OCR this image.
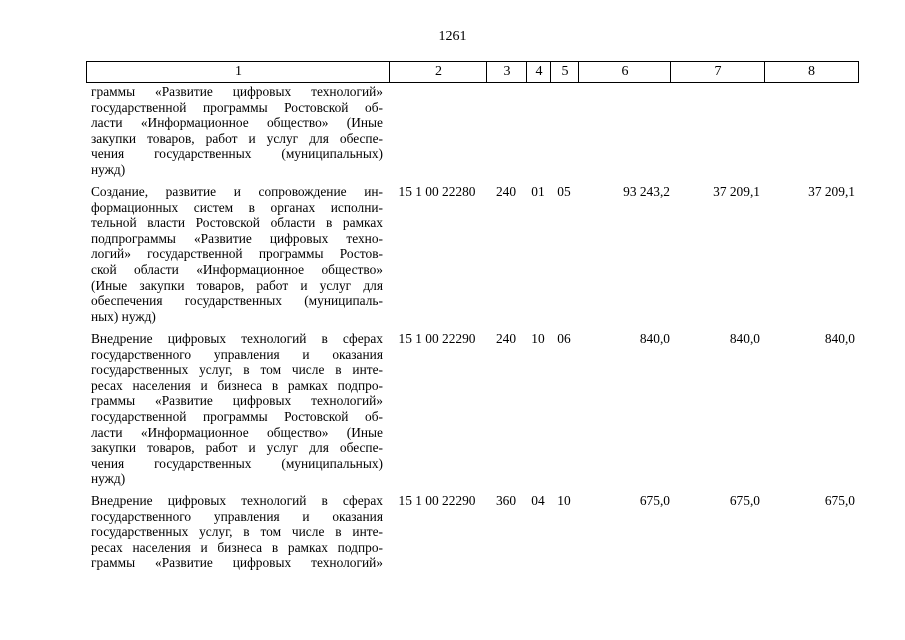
1261
1	2	3	4	5	6	7	8
граммы «Развитие цифровых технологий»
государственной программы Ростовской об-
ласти «Информационное общество» (Иные
закупки товаров, работ и услуг для обеспе-
чения государственных (муниципальных)
нужд)
Создание, развитие и сопровождение ин-
формационных систем в органах исполни-
тельной власти Ростовской области в рамках
подпрограммы «Развитие цифровых техно-
логий» государственной программы Ростов-
ской области «Информационное общество»
(Иные закупки товаров, работ и услуг для
обеспечения государственных (муниципаль-
ных) нужд)
15 1 00 22280	240	01 05	93 243,2	37 209,1	37 209,1
Внедрение цифровых технологий в сферах
государственного управления и оказания
государственных услуг, в том числе в инте-
ресах населения и бизнеса в рамках подпро-
граммы «Развитие цифровых технологий»
государственной программы Ростовской об-
ласти «Информационное общество» (Иные
закупки товаров, работ и услуг для обеспе-
чения государственных (муниципальных)
нужд)
15 1 00 22290	240	10 06	840,0	840,0	840,0
Внедрение цифровых технологий в сферах
государственного управления и оказания
государственных услуг, в том числе в инте-
ресах населения и бизнеса в рамках подпро-
граммы «Развитие цифровых технологий»
15 1 00 22290	360	04 10	675,0	675,0	675,0
